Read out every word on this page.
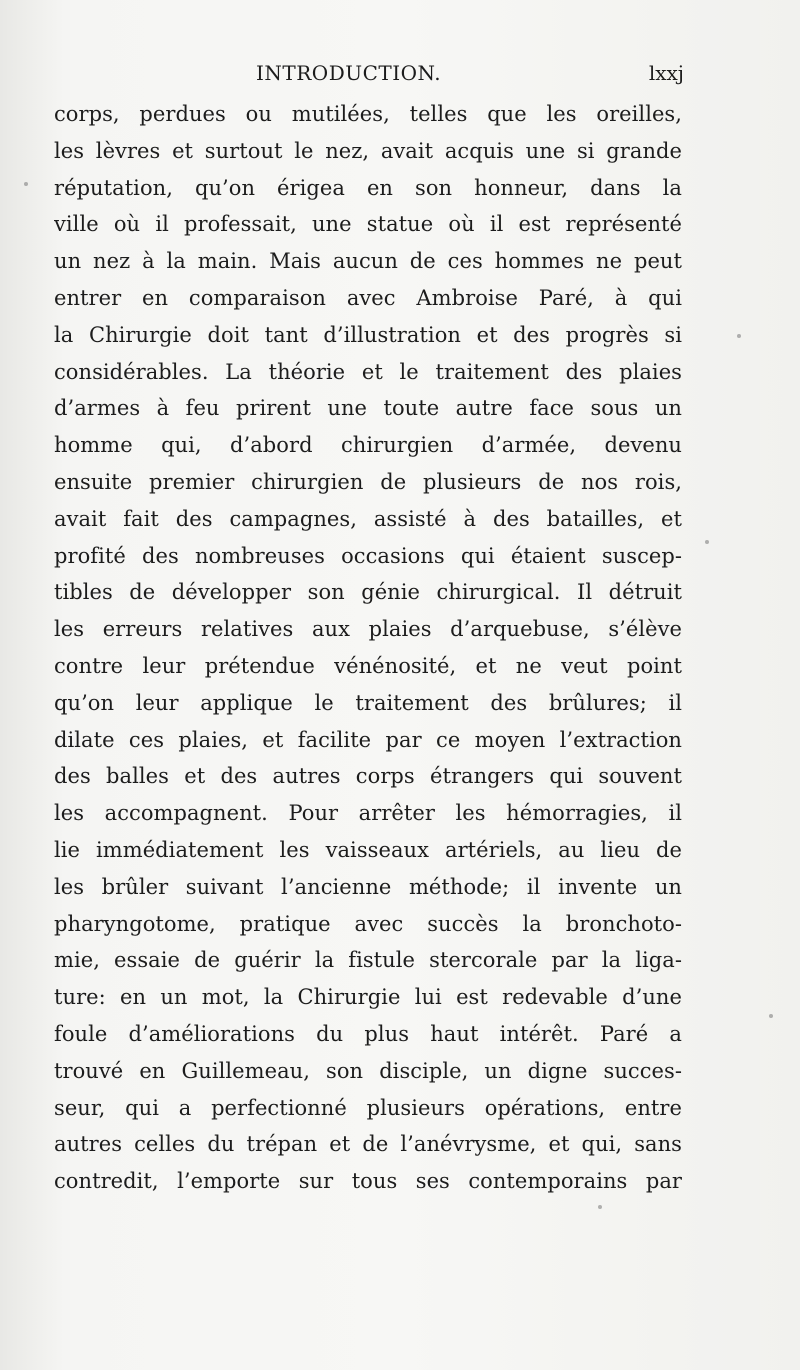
INTRODUCTION.	lxxj
corps, perdues ou mutilées, telles que les oreilles,
les lèvres et surtout le nez, avait acquis une si grande
réputation, qu’on érigea en son honneur, dans la
ville où il professait, une statue où il est représenté
un nez à la main. Mais aucun de ces hommes ne peut
entrer en comparaison avec Ambroise Paré, à qui
la Chirurgie doit tant d’illustration et des progrès si
considérables. La théorie et le traitement des plaies
d’armes à feu prirent une toute autre face sous un
homme qui, d’abord chirurgien d’armée, devenu
ensuite premier chirurgien de plusieurs de nos rois,
avait fait des campagnes, assisté à des batailles, et
profité des nombreuses occasions qui étaient suscep-
tibles de développer son génie chirurgical. Il détruit
les erreurs relatives aux plaies d’arquebuse, s’élève
contre leur prétendue vénénosité, et ne veut point
qu’on leur applique le traitement des brûlures; il
dilate ces plaies, et facilite par ce moyen l’extraction
des balles et des autres corps étrangers qui souvent
les accompagnent. Pour arrêter les hémorragies, il
lie immédiatement les vaisseaux artériels, au lieu de
les brûler suivant l’ancienne méthode; il invente un
pharyngotome, pratique avec succès la bronchoto-
mie, essaie de guérir la fistule stercorale par la liga-
ture: en un mot, la Chirurgie lui est redevable d’une
foule d’améliorations du plus haut intérêt. Paré a
trouvé en Guillemeau, son disciple, un digne succes-
seur, qui a perfectionné plusieurs opérations, entre
autres celles du trépan et de l’anévrysme, et qui, sans
contredit, l’emporte sur tous ses contemporains par
